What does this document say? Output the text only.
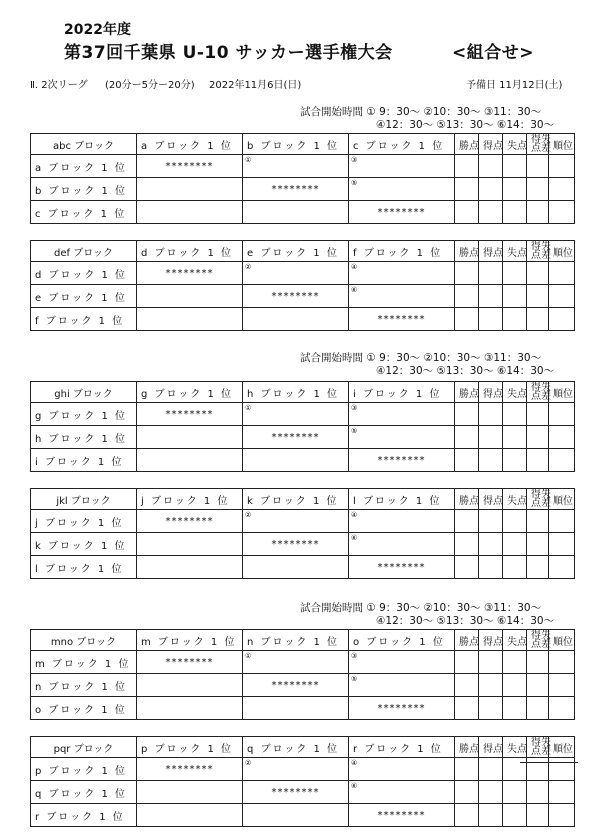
2022年度
第37回千葉県 U-10 サッカー選手権大会	<組合せ>
Ⅱ. 2次リーグ (20分ー5分ー20分) 2022年11月6日(日)	予備日 11月12日(土)
試合開始時間 ① 9：30～ ②10：30～ ③11：30～
④12：30～ ⑤13：30～ ⑥14：30～
試合開始時間 ① 9：30～ ②10：30～ ③11：30～
④12：30～ ⑤13：30～ ⑥14：30～
試合開始時間 ① 9：30～ ②10：30～ ③11：30～
④12：30～ ⑤13：30～ ⑥14：30～
abc ブロック	a ブロック 1 位	b ブロック 1 位	c ブロック 1 位	勝点	得点	失点	得失
点差	順位
a ブロック 1 位	********	①	③					

b ブロック 1 位		********	⑤					

c ブロック 1 位			********					
def ブロック	d ブロック 1 位	e ブロック 1 位	f ブロック 1 位	勝点	得点	失点	得失
点差	順位
d ブロック 1 位	********	②	④					

e ブロック 1 位		********	⑥					

f ブロック 1 位			********					
ghi ブロック	g ブロック 1 位	h ブロック 1 位	i ブロック 1 位	勝点	得点	失点	得失
点差	順位
g ブロック 1 位	********	①	③					

h ブロック 1 位		********	⑤					

i ブロック 1 位			********					
jkl ブロック	j ブロック 1 位	k ブロック 1 位	l ブロック 1 位	勝点	得点	失点	得失
点差	順位
j ブロック 1 位	********	②	④					

k ブロック 1 位		********	⑥					

l ブロック 1 位			********					
mno ブロック	m ブロック 1 位	n ブロック 1 位	o ブロック 1 位	勝点	得点	失点	得失
点差	順位
m ブロック 1 位	********	①	③					

n ブロック 1 位		********	⑤					

o ブロック 1 位			********					
pqr ブロック	p ブロック 1 位	q ブロック 1 位	r ブロック 1 位	勝点	得点	失点	得失
点差	順位
p ブロック 1 位	********	②	④					

q ブロック 1 位		********	⑥					

r ブロック 1 位			********					
